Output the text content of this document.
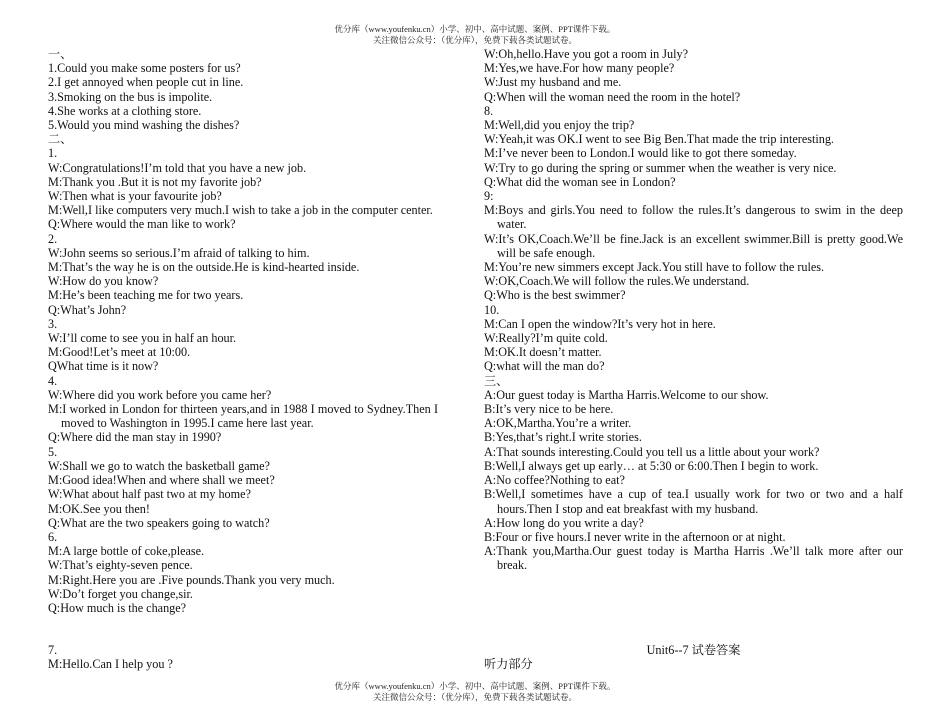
优分库（www.youfenku.cn）小学、初中、高中试题、案例、PPT课件下载。
关注微信公众号：（优分库），免费下载各类试题试卷。
一、
1.Could you make some posters for us?
2.I get annoyed when people cut in line.
3.Smoking on the bus is impolite.
4.She works at a clothing store.
5.Would you mind washing the dishes?
二、
1.
W:Congratulations!I’m told that you have a new job.
M:Thank you .But it is not my favorite job?
W:Then what is your favourite job?
M:Well,I like computers very much.I wish to take a job in the computer center.
Q:Where would the man like to work?
2.
W:John seems so serious.I’m afraid of talking to him.
M:That’s the way he is on the outside.He is kind-hearted inside.
W:How do you know?
M:He’s been teaching me for two years.
Q:What’s John?
3.
W:I’ll come to see you in half an hour.
M:Good!Let’s meet at 10:00.
QWhat time is it now?
4.
W:Where did you work before you came her?
M:I worked in London for thirteen years,and in 1988 I moved to Sydney.Then I moved to Washington in 1995.I came here last year.
Q:Where did the man stay in 1990?
5.
W:Shall we go to watch the basketball game?
M:Good idea!When and where shall we meet?
W:What about half past two at my home?
M:OK.See you then!
Q:What are the two speakers going to watch?
6.
M:A large bottle of coke,please.
W:That’s eighty-seven pence.
M:Right.Here you are .Five pounds.Thank you very much.
W:Do’t forget you change,sir.
Q:How much is the change?
7.
M:Hello.Can I help you ?
W:Oh,hello.Have you got a room in July?
M:Yes,we have.For how many people?
W:Just my husband and me.
Q:When will the woman need the room in the hotel?
8.
M:Well,did you enjoy the trip?
W:Yeah,it was OK.I went to see Big Ben.That made the trip interesting.
M:I’ve never been to London.I would like to got there someday.
W:Try to go during the spring or summer when the weather is very nice.
Q:What did the woman see in London?
9:
M:Boys and girls.You need to follow the rules.It’s dangerous to swim in the deep water.
W:It’s OK,Coach.We’ll be fine.Jack is an excellent swimmer.Bill is pretty good.We will be safe enough.
M:You’re new simmers except Jack.You still have to follow the rules.
W:OK,Coach.We will follow the rules.We understand.
Q:Who is the best swimmer?
10.
M:Can I open the window?It’s very hot in here.
W:Really?I’m quite cold.
M:OK.It doesn’t matter.
Q:what will the man do?
三、
A:Our guest today is Martha Harris.Welcome to our show.
B:It’s very nice to be here.
A:OK,Martha.You’re a writer.
B:Yes,that’s right.I write stories.
A:That sounds interesting.Could you tell us a little about your work?
B:Well,I always get up early… at 5:30 or 6:00.Then I begin to work.
A:No coffee?Nothing to eat?
B:Well,I sometimes have a cup of tea.I usually work for two or two and a half hours.Then I stop and eat breakfast with my husband.
A:How long do you write a day?
B:Four or five hours.I never write in the afternoon or at night.
A:Thank you,Martha.Our guest today is Martha Harris .We’ll talk more after our break.
Unit6--7 试卷答案
听力部分
优分库（www.youfenku.cn）小学、初中、高中试题、案例、PPT课件下载。
关注微信公众号：（优分库），免费下载各类试题试卷。
